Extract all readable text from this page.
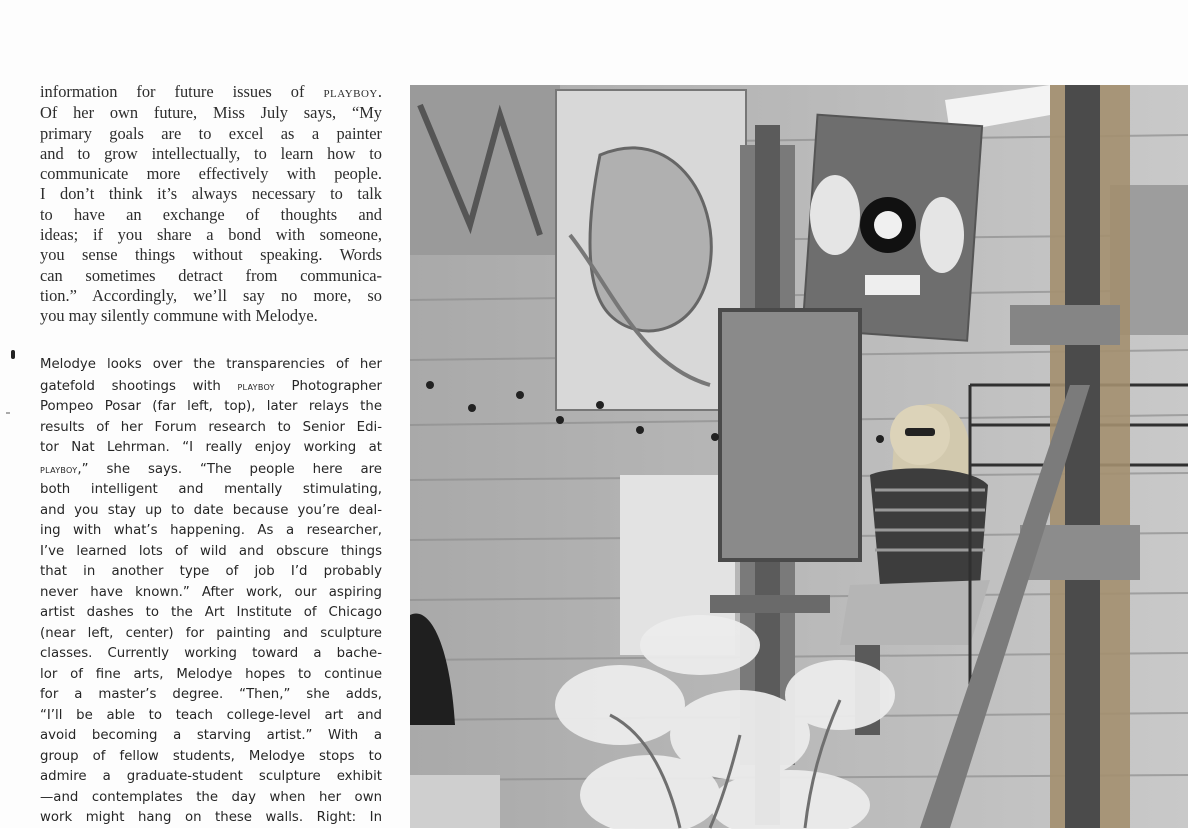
information for future issues of playboy.
Of her own future, Miss July says, “My
primary goals are to excel as a painter
and to grow intellectually, to learn how to
communicate more effectively with people.
I don’t think it’s always necessary to talk
to have an exchange of thoughts and
ideas; if you share a bond with someone,
you sense things without speaking. Words
can sometimes detract from communica-
tion.” Accordingly, we’ll say no more, so
you may silently commune with Melodye.
Melodye looks over the transparencies of her
gatefold shootings with playboy Photographer
Pompeo Posar (far left, top), later relays the
results of her Forum research to Senior Edi-
tor Nat Lehrman. “I really enjoy working at
playboy,” she says. “The people here are
both intelligent and mentally stimulating,
and you stay up to date because you’re deal-
ing with what’s happening. As a researcher,
I’ve learned lots of wild and obscure things
that in another type of job I’d probably
never have known.” After work, our aspiring
artist dashes to the Art Institute of Chicago
(near left, center) for painting and sculpture
classes. Currently working toward a bache-
lor of fine arts, Melodye hopes to continue
for a master’s degree. “Then,” she adds,
“I’ll be able to teach college-level art and
avoid becoming a starving artist.” With a
group of fellow students, Melodye stops to
admire a graduate-student sculpture exhibit
—and contemplates the day when her own
work might hang on these walls. Right: In
